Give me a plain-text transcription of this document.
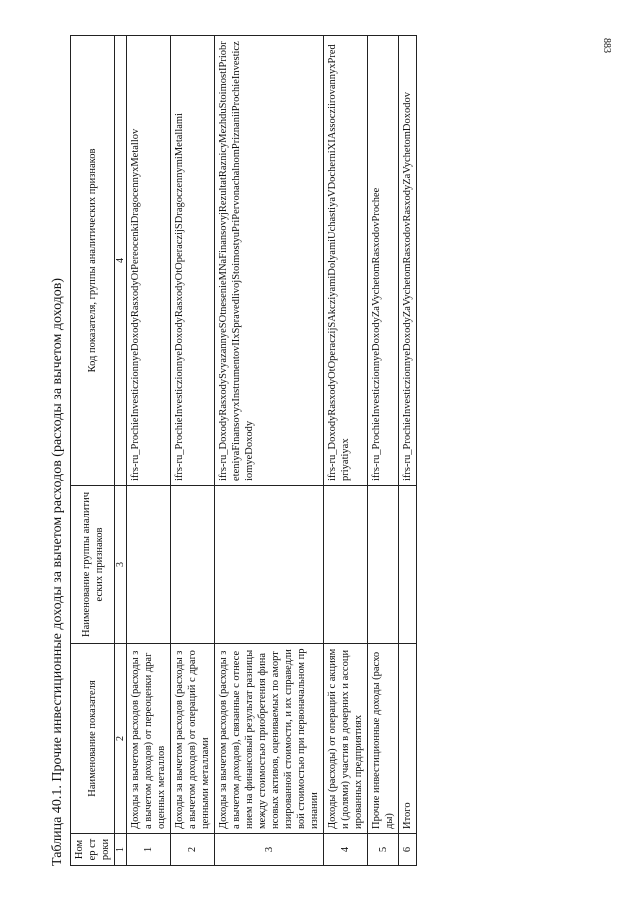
883
Таблица 40.1. Прочие инвестиционные доходы за вычетом расходов (расходы за вычетом доходов) Номер строки	Наименование показателя	Наименование группы аналитических признаков	Код показателя, группы аналитических признаков
1	2	3	4
1	Доходы за вычетом расходов (расходы за вычетом доходов) от переоценки драгоценных металлов		ifrs-ru_ProchieInvesticzionnyeDoxodyRasxodyOtPereocenkiDragocennyxMetallov
2	Доходы за вычетом расходов (расходы за вычетом доходов) от операций с драгоценными металлами		ifrs-ru_ProchieInvesticzionnyeDoxodyRasxodyOtOperaczijSDragoczennymiMetallami
3	Доходы за вычетом расходов (расходы за вычетом доходов), связанные с отнесением на финансовый результат разницы между стоимостью приобретения финансовых активов, оцениваемых по амортизированной стоимости, и их справедливой стоимостью при первоначальном признании		ifrs-ru_DoxodyRasxodySvyazannyeSOtnesenieMNaFinansovyjRezultatRaznicyMezhduStoimostIPriobreteniyaFinansovyxInstrumentovIIxSpravedlivojStoimostyuPriPervonachalnomPriznaniiProchieInvesticziomyeDoxody
4	Доходы (расходы) от операций с акциями (долями) участия в дочерних и ассоциированных предприятиях		ifrs-ru_DoxodyRasxodyOtOperaczijSAkcziyamiDolyamiUchastiyaVDocherniXIAssocziirovannyxPredpriyatiyax
5	Прочие инвестиционные доходы (расходы)		ifrs-ru_ProchieInvesticzionnyeDoxodyZaVychetomRasxodovProchee
6	Итого		ifrs-ru_ProchieInvesticzionnyeDoxodyZaVychetomRasxodovRasxodyZaVychetomDoxodov
